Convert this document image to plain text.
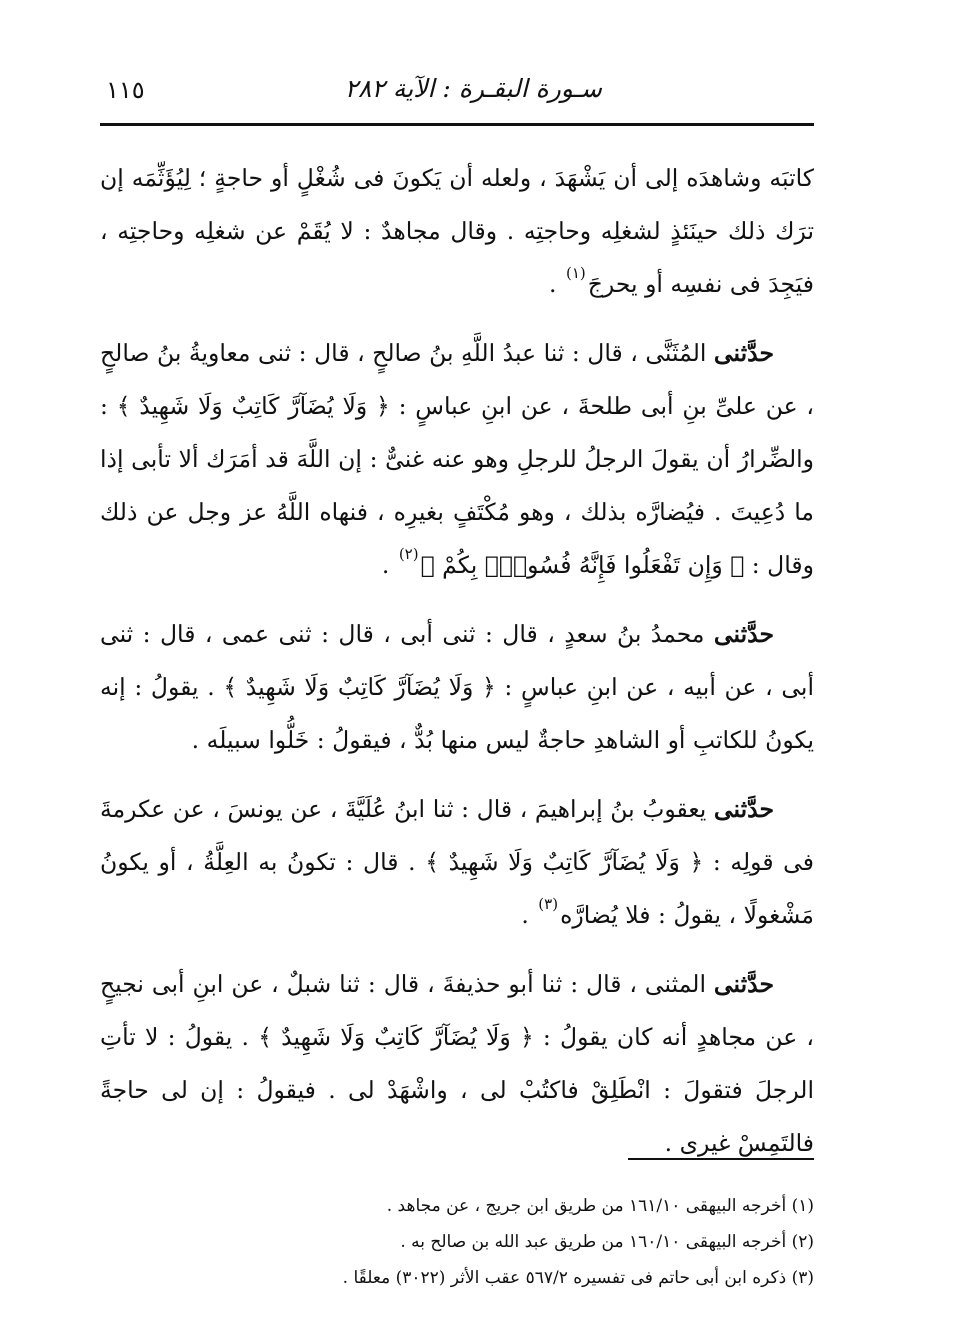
سـورة البقـرة : الآية ٢٨٢
١١٥

كاتبَه وشاهدَه إلى أن يَشْهَدَ ، ولعله أن يَكونَ فى شُغْلٍ أو حاجةٍ ؛ لِيُؤَثِّمَه إن ترَك ذلك حينَئذٍ لشغلِه وحاجتِه . وقال مجاهدٌ : لا يُقَمْ عن شغلِه وحاجتِه ، فيَجِدَ فى نفسِه أو يحرجَ$^{(١)}$ .

حدَّثنى المُثَنَّى ، قال : ثنا عبدُ اللَّهِ بنُ صالحٍ ، قال : ثنى معاويةُ بنُ صالحٍ ، عن علىِّ بنِ أبى طلحةَ ، عن ابنِ عباسٍ : ﴿ وَلَا يُضَآرَّ كَاتِبٌ وَلَا شَهِيدٌ ﴾ : والضِّرارُ أن يقولَ الرجلُ للرجلِ وهو عنه غنىٌّ : إن اللَّهَ قد أمَرَك ألا تأبى إذا ما دُعِيتَ . فيُضارَّه بذلك ، وهو مُكْتَفٍ بغيرِه ، فنهاه اللَّهُ عز وجل عن ذلك وقال : ﴿ وَإِن تَفْعَلُوا فَإِنَّهُ فُسُوقٌۢ بِكُمْ ﴾$^{(٢)}$ .

حدَّثنى محمدُ بنُ سعدٍ ، قال : ثنى أبى ، قال : ثنى عمى ، قال : ثنى أبى ، عن أبيه ، عن ابنِ عباسٍ : ﴿ وَلَا يُضَآرَّ كَاتِبٌ وَلَا شَهِيدٌ ﴾ . يقولُ : إنه يكونُ للكاتبِ أو الشاهدِ حاجةٌ ليس منها بُدٌّ ، فيقولُ : خَلُّوا سبيلَه .

حدَّثنى يعقوبُ بنُ إبراهيمَ ، قال : ثنا ابنُ عُلَيَّةَ ، عن يونسَ ، عن عكرمةَ فى قولِه : ﴿ وَلَا يُضَآرَّ كَاتِبٌ وَلَا شَهِيدٌ ﴾ . قال : تكونُ به العِلَّةُ ، أو يكونُ مَشْغولًا ، يقولُ : فلا يُضارَّه$^{(٣)}$ .

حدَّثنى المثنى ، قال : ثنا أبو حذيفةَ ، قال : ثنا شبلٌ ، عن ابنِ أبى نجيحٍ ، عن مجاهدٍ أنه كان يقولُ : ﴿ وَلَا يُضَآرَّ كَاتِبٌ وَلَا شَهِيدٌ ﴾ . يقولُ : لا تأتِ الرجلَ فتقولَ : انْطَلِقْ فاكتُبْ لى ، واشْهَدْ لى . فيقولُ : إن لى حاجةً فالتَمِسْ غيرى .

(١) أخرجه البيهقى ١٦١/١٠ من طريق ابن جريج ، عن مجاهد .

(٢) أخرجه البيهقى ١٦٠/١٠ من طريق عبد الله بن صالح به .

(٣) ذكره ابن أبى حاتم فى تفسيره ٥٦٧/٢ عقب الأثر (٣٠٢٢) معلقًا .
